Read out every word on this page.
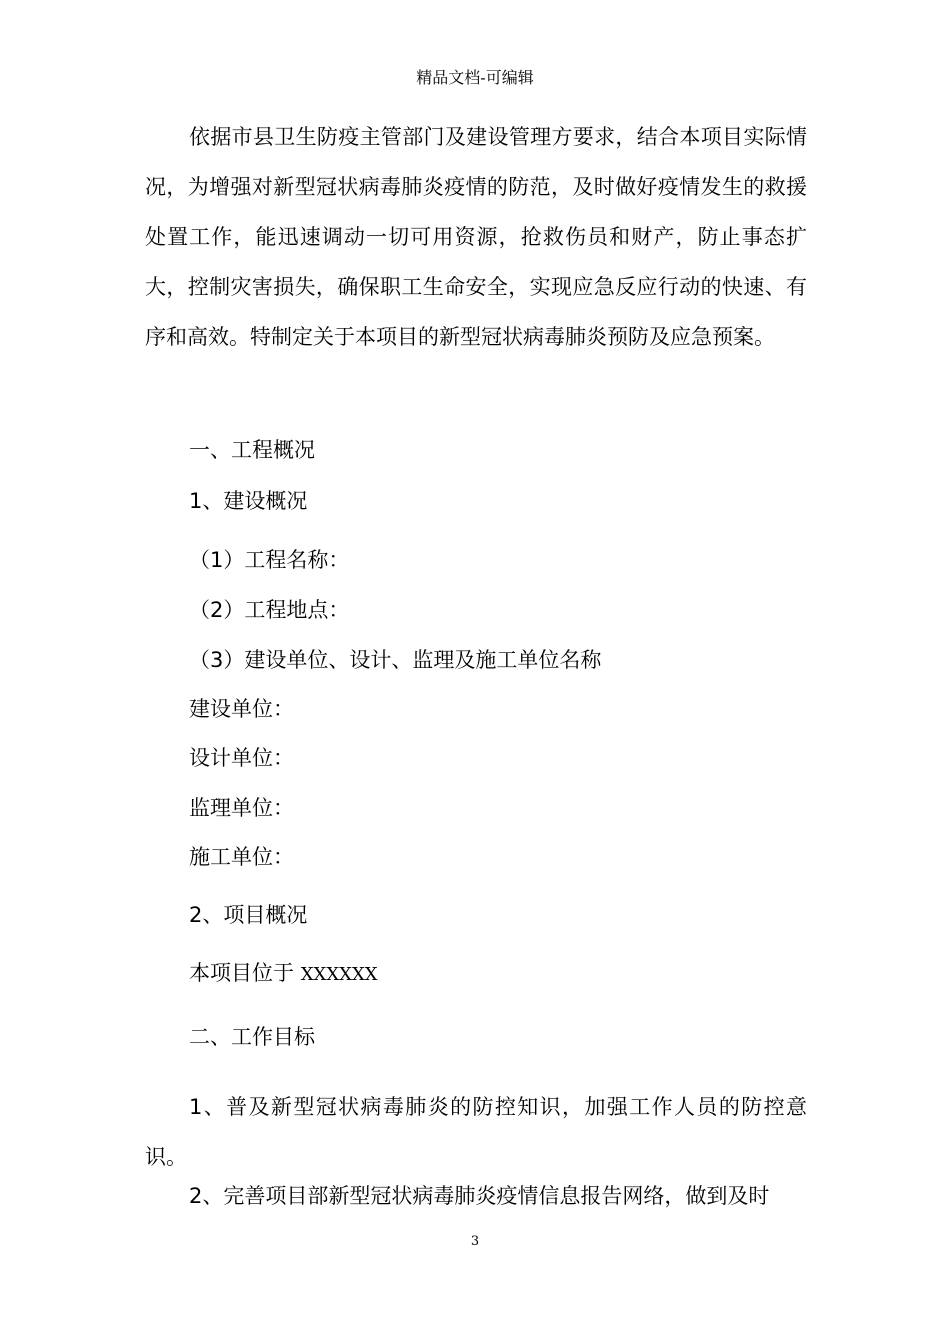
精品文档-可编辑

依据市县卫生防疫主管部门及建设管理方要求，结合本项目实际情况，为增强对新型冠状病毒肺炎疫情的防范，及时做好疫情发生的救援处置工作，能迅速调动一切可用资源，抢救伤员和财产，防止事态扩大，控制灾害损失，确保职工生命安全，实现应急反应行动的快速、有序和高效。特制定关于本项目的新型冠状病毒肺炎预防及应急预案。

一、工程概况

1、建设概况

（1）工程名称：

（2）工程地点：

（3）建设单位、设计、监理及施工单位名称

建设单位：

设计单位：

监理单位：

施工单位：

2、项目概况

本项目位于 XXXXXX

二、工作目标

1、普及新型冠状病毒肺炎的防控知识，加强工作人员的防控意识。

2、完善项目部新型冠状病毒肺炎疫情信息报告网络，做到及时

3
